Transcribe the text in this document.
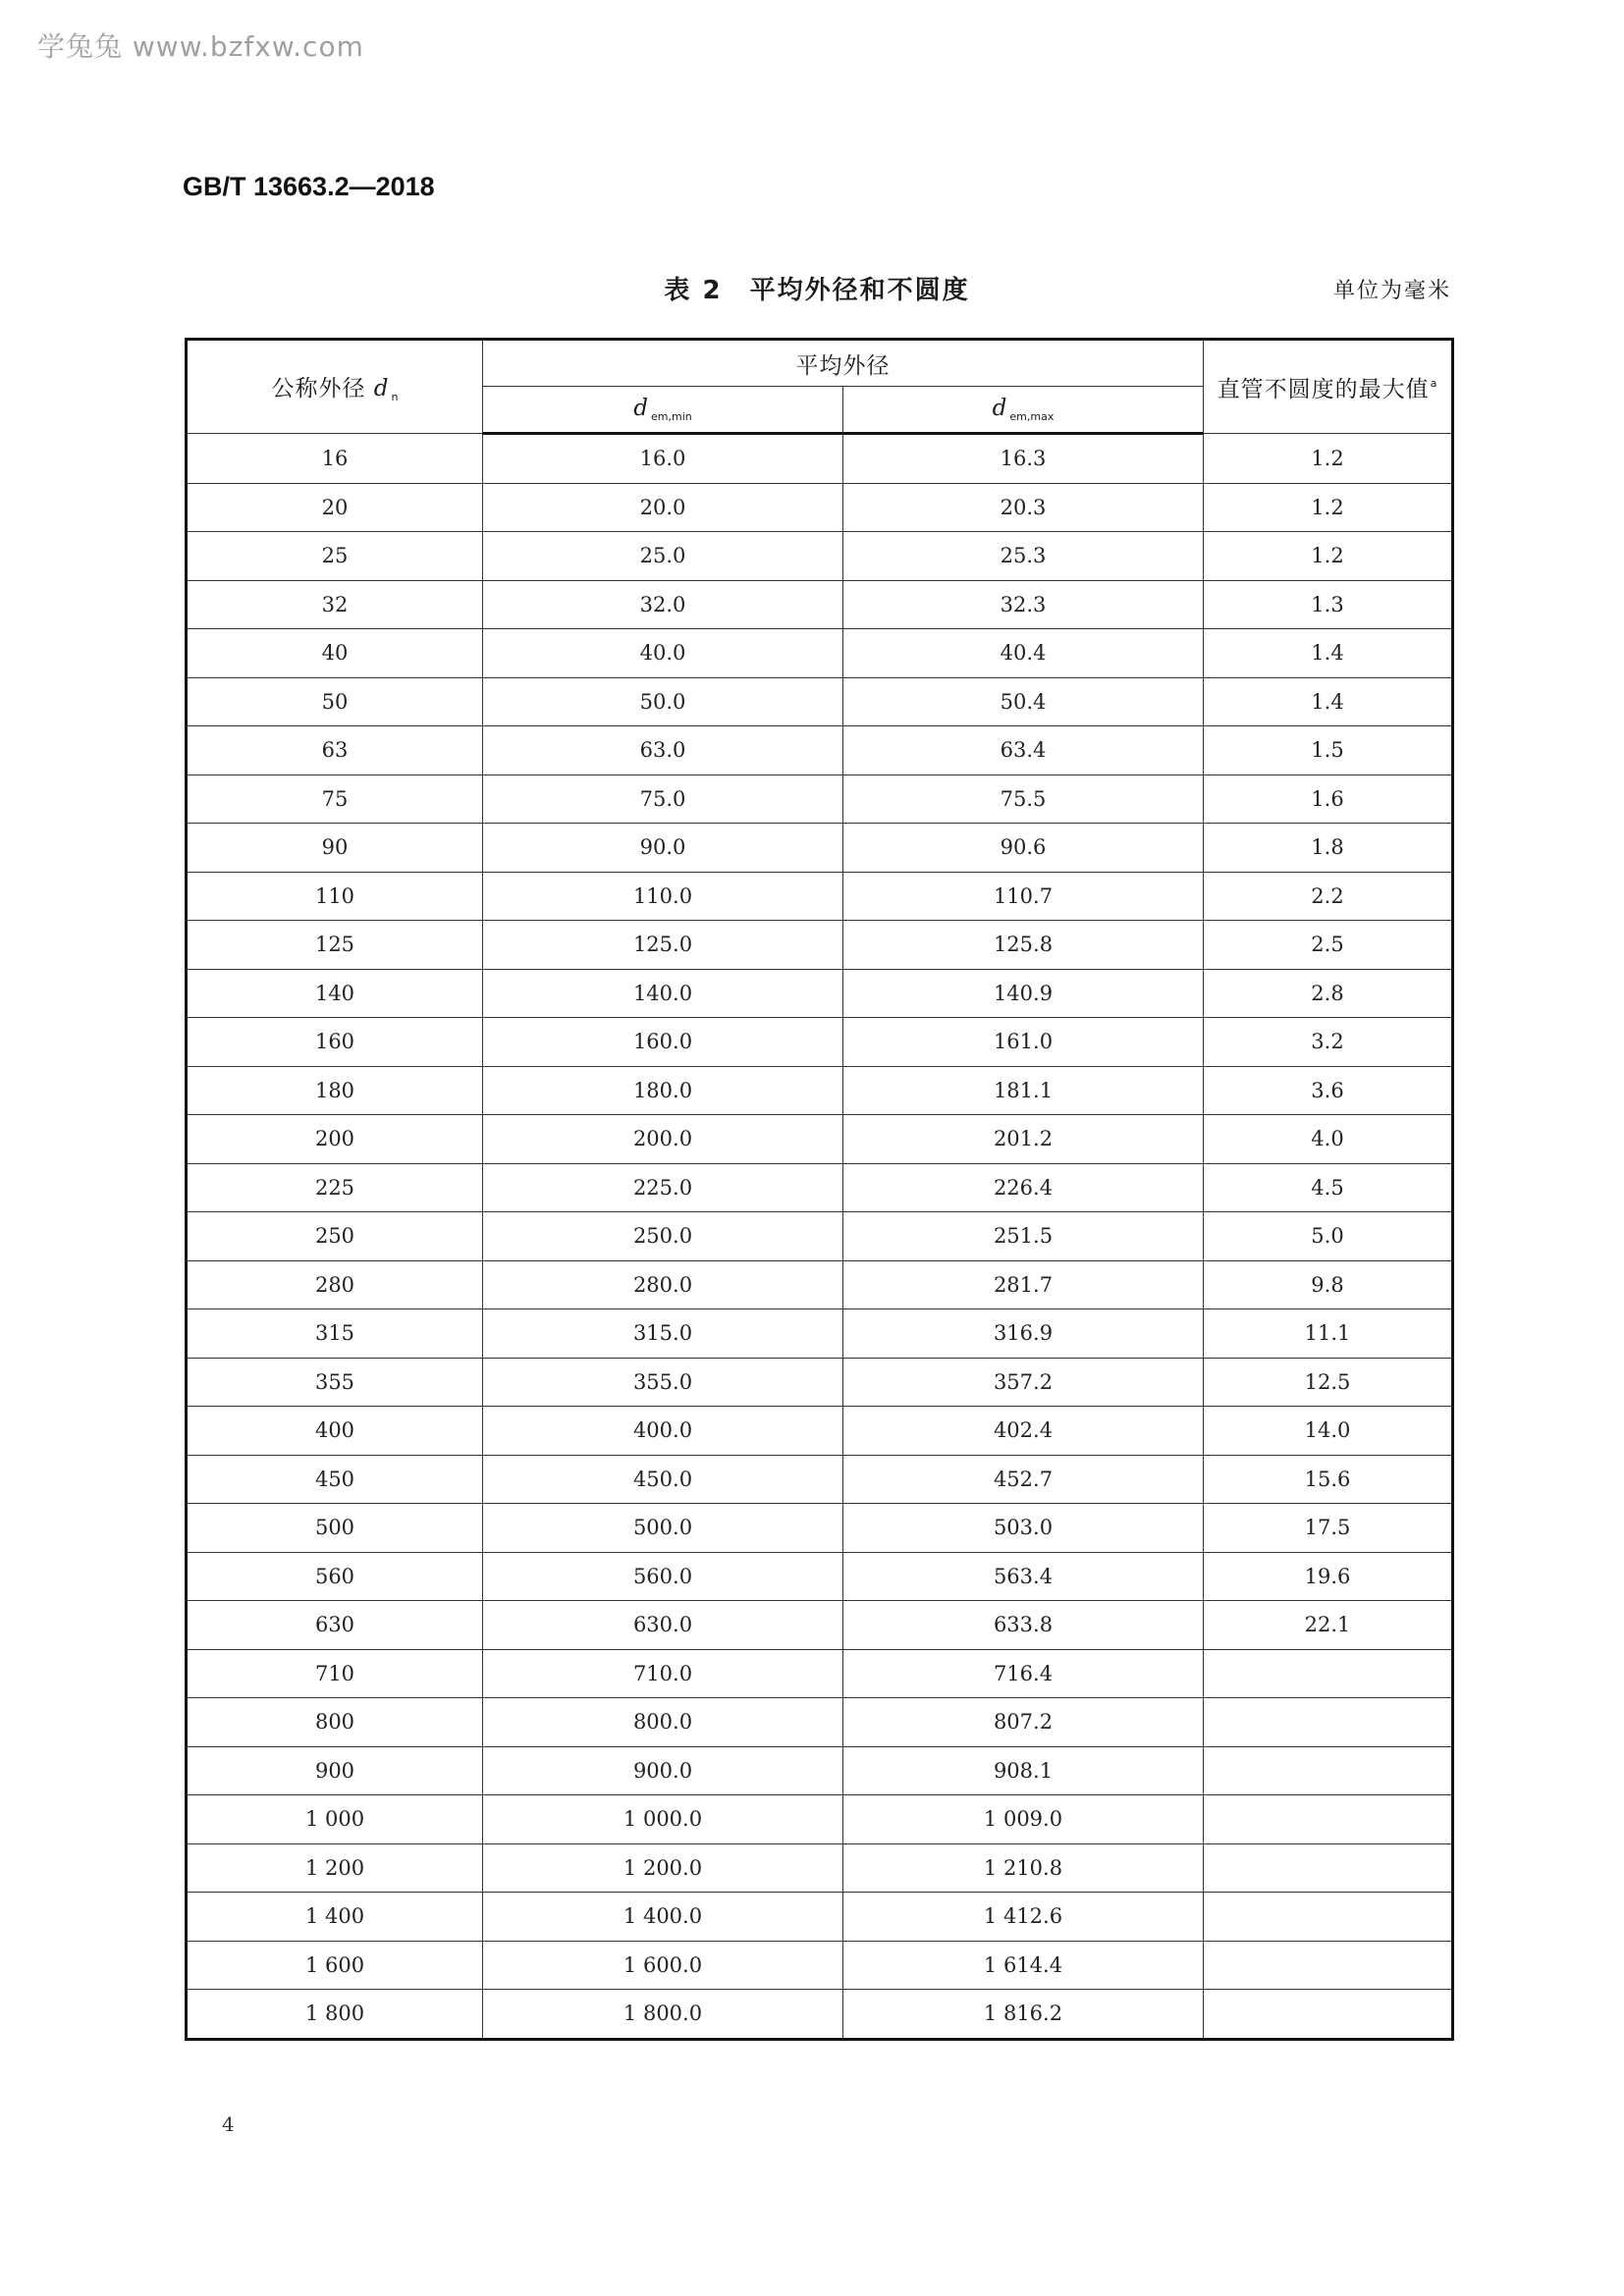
学兔兔 www.bzfxw.com
GB/T 13663.2—2018
表 2　平均外径和不圆度	单位为毫米
公称外径 d $_n$	平均外径		直管不圆度的最大值$^a$
	d $_{em,min}$	d $_{em,max}$
16	16.0	16.3	1.2
20	20.0	20.3	1.2
25	25.0	25.3	1.2
32	32.0	32.3	1.3
40	40.0	40.4	1.4
50	50.0	50.4	1.4
63	63.0	63.4	1.5
75	75.0	75.5	1.6
90	90.0	90.6	1.8
110	110.0	110.7	2.2
125	125.0	125.8	2.5
140	140.0	140.9	2.8
160	160.0	161.0	3.2
180	180.0	181.1	3.6
200	200.0	201.2	4.0
225	225.0	226.4	4.5
250	250.0	251.5	5.0
280	280.0	281.7	9.8
315	315.0	316.9	11.1
355	355.0	357.2	12.5
400	400.0	402.4	14.0
450	450.0	452.7	15.6
500	500.0	503.0	17.5
560	560.0	563.4	19.6
630	630.0	633.8	22.1
710	710.0	716.4	
800	800.0	807.2	
900	900.0	908.1	
1 000	1 000.0	1 009.0	
1 200	1 200.0	1 210.8	
1 400	1 400.0	1 412.6	
1 600	1 600.0	1 614.4	
1 800	1 800.0	1 816.2	
4
